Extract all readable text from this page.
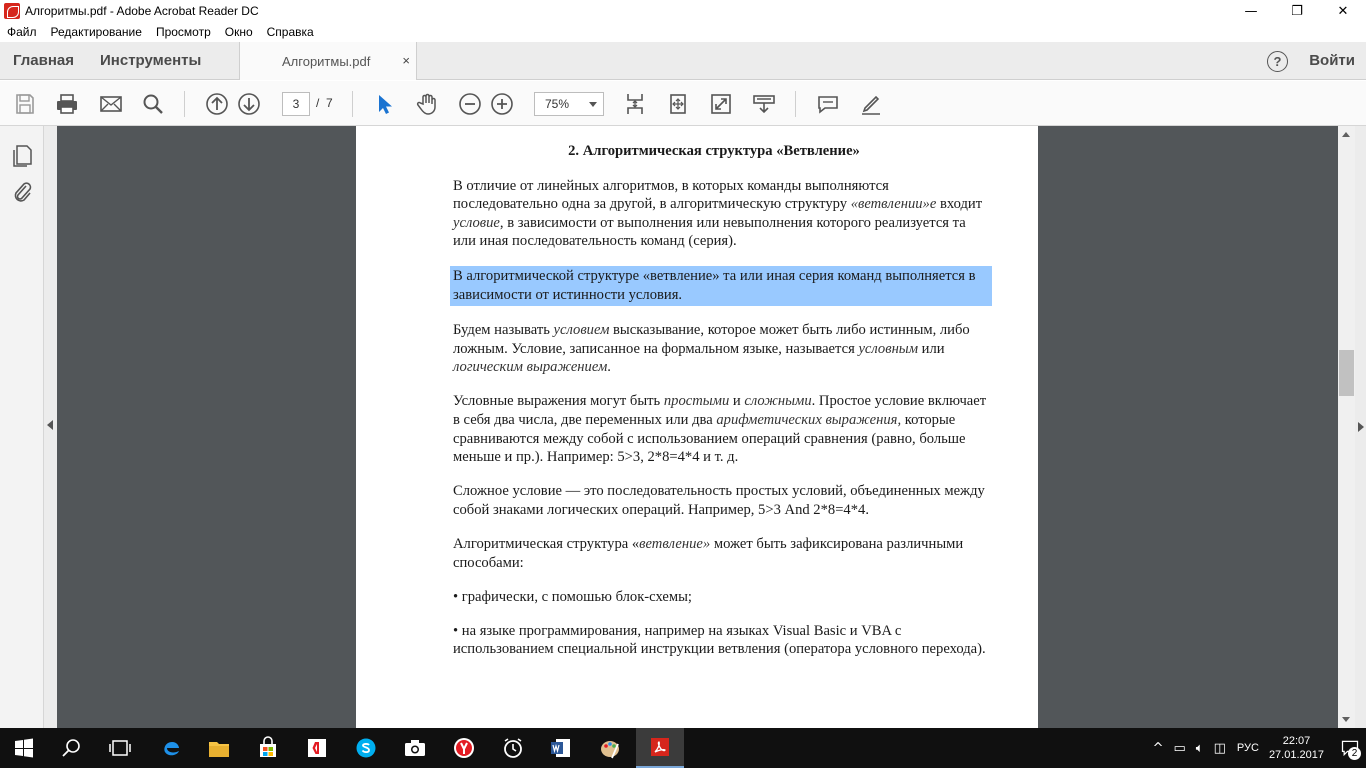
Алгоритмы.pdf - Adobe Acrobat Reader DC	—	❐	✕
Файл	Редактирование	Просмотр	Окно	Справка
Главная	Инструменты	Алгоритмы.pdf ×	?	Войти
3	/ 7	75%
2. Алгоритмическая структура «Ветвление»

В отличие от линейных алгоритмов, в которых команды выполняются последовательно одна за другой, в алгоритмическую структуру «ветвлении»е входит условие, в зависимости от выполнения или невыполнения которого реализуется та или иная последовательность команд (серия).

В алгоритмической структуре «ветвление» та или иная серия команд выполняется в зависимости от истинности условия.

Будем называть условием высказывание, которое может быть либо истинным, либо ложным. Условие, записанное на формальном языке, называется условным или логическим выражением.

Условные выражения могут быть простыми и сложными. Простое условие включает в себя два числа, две переменных или два арифметических выражения, которые сравниваются между собой с использованием операций сравнения (равно, больше меньше и пр.). Например: 5>3, 2*8=4*4 и т. д.

Сложное условие — это последовательность простых условий, объединенных между собой знаками логических операций. Например, 5>3 And 2*8=4*4.

Алгоритмическая структура «ветвление» может быть зафиксирована различными способами:

• графически, с помошью блок-схемы;

• на языке программирования, например на языках Visual Basic и VBA с использованием специальной инструкции ветвления (оператора условного перехода).

^ ▭ 🔈︎ ◫ РУС
22:07
27.01.2017	2
